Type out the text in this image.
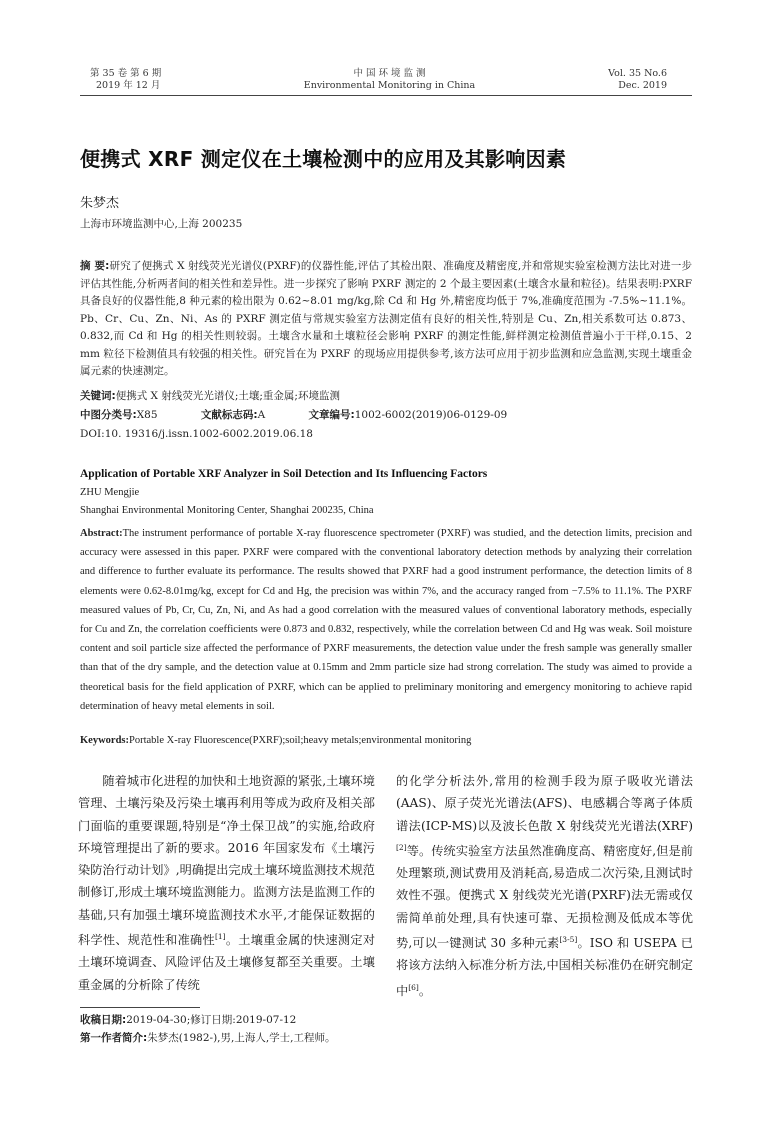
第 35 卷 第 6 期
2019 年 12 月
中 国 环 境 监 测
Environmental Monitoring in China
Vol. 35 No.6
Dec. 2019
便携式 XRF 测定仪在土壤检测中的应用及其影响因素
朱梦杰
上海市环境监测中心,上海 200235
摘 要:研究了便携式 X 射线荧光光谱仪(PXRF)的仪器性能,评估了其检出限、准确度及精密度,并和常规实验室检测方法比对进一步评估其性能,分析两者间的相关性和差异性。进一步探究了影响 PXRF 测定的 2 个最主要因素(土壤含水量和粒径)。结果表明:PXRF 具备良好的仪器性能,8 种元素的检出限为 0.62~8.01 mg/kg,除 Cd 和 Hg 外,精密度均低于 7%,准确度范围为 -7.5%~11.1%。Pb、Cr、Cu、Zn、Ni、As 的 PXRF 测定值与常规实验室方法测定值有良好的相关性,特别是 Cu、Zn,相关系数可达 0.873、0.832,而 Cd 和 Hg 的相关性则较弱。土壤含水量和土壤粒径会影响 PXRF 的测定性能,鲜样测定检测值普遍小于干样,0.15、2 mm 粒径下检测值具有较强的相关性。研究旨在为 PXRF 的现场应用提供参考,该方法可应用于初步监测和应急监测,实现土壤重金属元素的快速测定。
关键词:便携式 X 射线荧光光谱仪;土壤;重金属;环境监测
中图分类号:X85	文献标志码:A	文章编号:1002-6002(2019)06-0129-09
DOI:10. 19316/j.issn.1002-6002.2019.06.18
Application of Portable XRF Analyzer in Soil Detection and Its Influencing Factors
ZHU Mengjie
Shanghai Environmental Monitoring Center, Shanghai 200235, China
Abstract:The instrument performance of portable X-ray fluorescence spectrometer (PXRF) was studied, and the detection limits, precision and accuracy were assessed in this paper. PXRF were compared with the conventional laboratory detection methods by analyzing their correlation and difference to further evaluate its performance. The results showed that PXRF had a good instrument performance, the detection limits of 8 elements were 0.62-8.01mg/kg, except for Cd and Hg, the precision was within 7%, and the accuracy ranged from −7.5% to 11.1%. The PXRF measured values of Pb, Cr, Cu, Zn, Ni, and As had a good correlation with the measured values of conventional laboratory methods, especially for Cu and Zn, the correlation coefficients were 0.873 and 0.832, respectively, while the correlation between Cd and Hg was weak. Soil moisture content and soil particle size affected the performance of PXRF measurements, the detection value under the fresh sample was generally smaller than that of the dry sample, and the detection value at 0.15mm and 2mm particle size had strong correlation. The study was aimed to provide a theoretical basis for the field application of PXRF, which can be applied to preliminary monitoring and emergency monitoring to achieve rapid determination of heavy metal elements in soil.
Keywords:Portable X-ray Fluorescence(PXRF);soil;heavy metals;environmental monitoring
随着城市化进程的加快和土地资源的紧张,土壤环境管理、土壤污染及污染土壤再利用等成为政府及相关部门面临的重要课题,特别是“净土保卫战”的实施,给政府环境管理提出了新的要求。2016 年国家发布《土壤污染防治行动计划》,明确提出完成土壤环境监测技术规范制修订,形成土壤环境监测能力。监测方法是监测工作的基础,只有加强土壤环境监测技术水平,才能保证数据的科学性、规范性和准确性[1]。土壤重金属的快速测定对土壤环境调查、风险评估及土壤修复都至关重要。土壤重金属的分析除了传统
的化学分析法外,常用的检测手段为原子吸收光谱法(AAS)、原子荧光光谱法(AFS)、电感耦合等离子体质谱法(ICP-MS)以及波长色散 X 射线荧光光谱法(XRF)[2]等。传统实验室方法虽然准确度高、精密度好,但是前处理繁琐,测试费用及消耗高,易造成二次污染,且测试时效性不强。便携式 X 射线荧光光谱(PXRF)法无需或仅需简单前处理,具有快速可靠、无损检测及低成本等优势,可以一键测试 30 多种元素[3-5]。ISO 和 USEPA 已将该方法纳入标准分析方法,中国相关标准仍在研究制定中[6]。
收稿日期:2019-04-30;修订日期:2019-07-12
第一作者简介:朱梦杰(1982-),男,上海人,学士,工程师。
